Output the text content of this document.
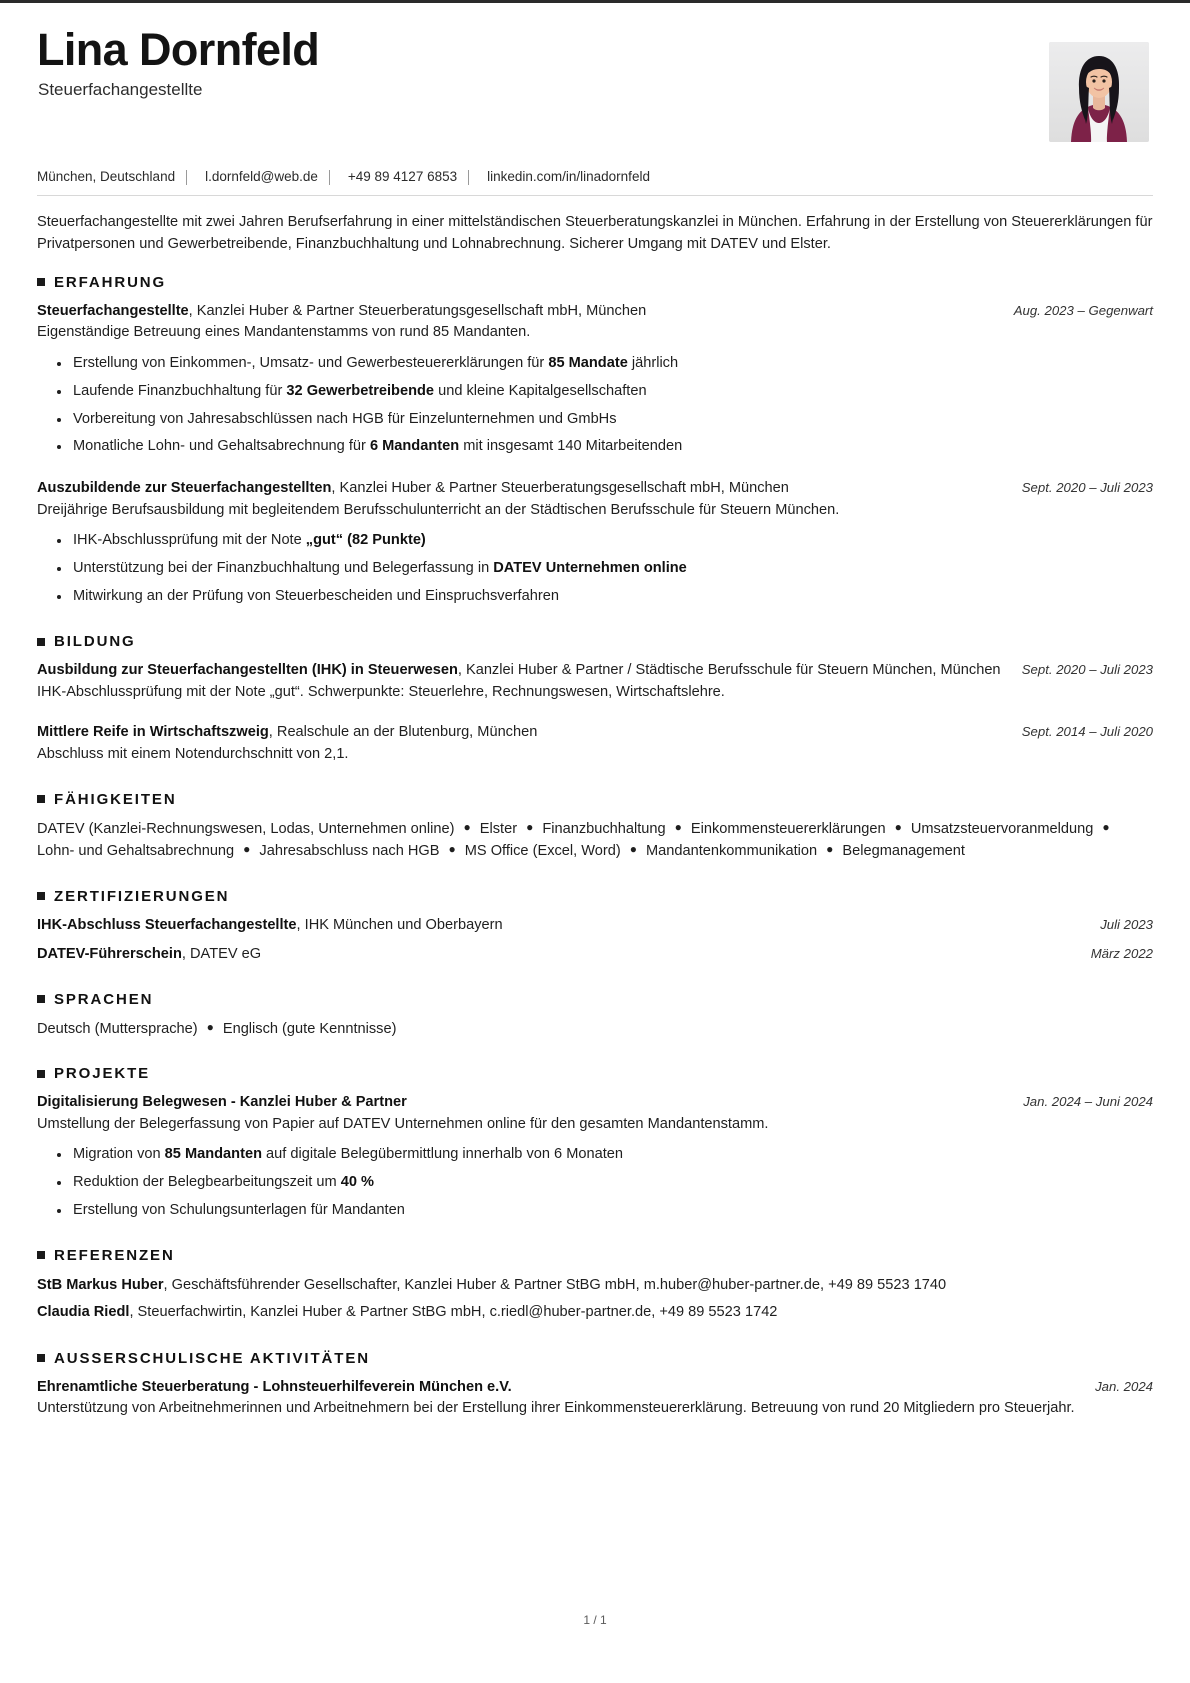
Lina Dornfeld
Steuerfachangestellte
München, Deutschland l.dornfeld@web.de +49 89 4127 6853 linkedin.com/in/linadornfeld
Steuerfachangestellte mit zwei Jahren Berufserfahrung in einer mittelständischen Steuerberatungskanzlei in München. Erfahrung in der Erstellung von Steuererklärungen für Privatpersonen und Gewerbetreibende, Finanzbuchhaltung und Lohnabrechnung. Sicherer Umgang mit DATEV und Elster.
ERFAHRUNG
Steuerfachangestellte, Kanzlei Huber & Partner Steuerberatungsgesellschaft mbH, München	Aug. 2023 – Gegenwart
Eigenständige Betreuung eines Mandantenstamms von rund 85 Mandanten.
Erstellung von Einkommen-, Umsatz- und Gewerbesteuererklärungen für 85 Mandate jährlich
Laufende Finanzbuchhaltung für 32 Gewerbetreibende und kleine Kapitalgesellschaften
Vorbereitung von Jahresabschlüssen nach HGB für Einzelunternehmen und GmbHs
Monatliche Lohn- und Gehaltsabrechnung für 6 Mandanten mit insgesamt 140 Mitarbeitenden
Auszubildende zur Steuerfachangestellten, Kanzlei Huber & Partner Steuerberatungsgesellschaft mbH, München	Sept. 2020 – Juli 2023
Dreijährige Berufsausbildung mit begleitendem Berufsschulunterricht an der Städtischen Berufsschule für Steuern München.
IHK-Abschlussprüfung mit der Note „gut“ (82 Punkte)
Unterstützung bei der Finanzbuchhaltung und Belegerfassung in DATEV Unternehmen online
Mitwirkung an der Prüfung von Steuerbescheiden und Einspruchsverfahren
BILDUNG
Ausbildung zur Steuerfachangestellten (IHK) in Steuerwesen, Kanzlei Huber & Partner / Städtische Berufsschule für Steuern München, München Sept. 2020 – Juli 2023
IHK-Abschlussprüfung mit der Note „gut“. Schwerpunkte: Steuerlehre, Rechnungswesen, Wirtschaftslehre.
Mittlere Reife in Wirtschaftszweig, Realschule an der Blutenburg, München	Sept. 2014 – Juli 2020
Abschluss mit einem Notendurchschnitt von 2,1.
FÄHIGKEITEN
DATEV (Kanzlei-Rechnungswesen, Lodas, Unternehmen online) ● Elster ● Finanzbuchhaltung ● Einkommensteuererklärungen ● Umsatzsteuervoranmeldung ●Lohn- und Gehaltsabrechnung ● Jahresabschluss nach HGB ● MS Office (Excel, Word) ● Mandantenkommunikation ● Belegmanagement
ZERTIFIZIERUNGEN
IHK-Abschluss Steuerfachangestellte, IHK München und Oberbayern	Juli 2023
DATEV-Führerschein, DATEV eG	März 2022
SPRACHEN
Deutsch (Muttersprache) ● Englisch (gute Kenntnisse)
PROJEKTE
Digitalisierung Belegwesen - Kanzlei Huber & Partner	Jan. 2024 – Juni 2024
Umstellung der Belegerfassung von Papier auf DATEV Unternehmen online für den gesamten Mandantenstamm.
Migration von 85 Mandanten auf digitale Belegübermittlung innerhalb von 6 Monaten
Reduktion der Belegbearbeitungszeit um 40 %
Erstellung von Schulungsunterlagen für Mandanten
REFERENZEN
StB Markus Huber, Geschäftsführender Gesellschafter, Kanzlei Huber & Partner StBG mbH, m.huber@huber-partner.de, +49 89 5523 1740
Claudia Riedl, Steuerfachwirtin, Kanzlei Huber & Partner StBG mbH, c.riedl@huber-partner.de, +49 89 5523 1742
AUSSERSCHULISCHE AKTIVITÄTEN
Ehrenamtliche Steuerberatung - Lohnsteuerhilfeverein München e.V.	Jan. 2024
Unterstützung von Arbeitnehmerinnen und Arbeitnehmern bei der Erstellung ihrer Einkommensteuererklärung. Betreuung von rund 20 Mitgliedern pro Steuerjahr.
1 / 1
